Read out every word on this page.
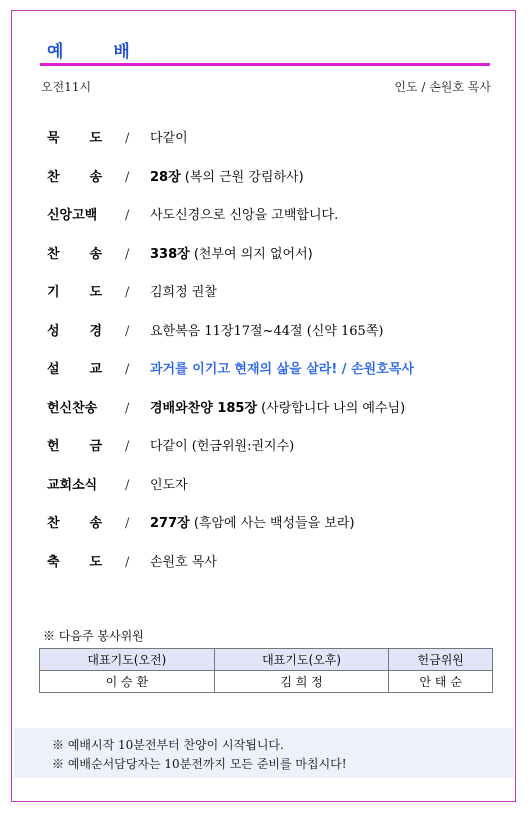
예 배
오전11시	인도 / 손원호 목사
묵 도 / 다같이
찬 송 / 28장 (복의 근원 강림하사)
신앙고백	/ 사도신경으로 신앙을 고백합니다.
찬 송 / 338장 (천부여 의지 없어서)
기 도 / 김희정 권찰
성 경 / 요한복음 11장17절~44절 (신약 165쪽)
설 교 / 과거를 이기고 현재의 삶을 살라! / 손원호목사
헌신찬송	/ 경배와찬양 185장 (사랑합니다 나의 예수님)
헌 금 / 다같이 (헌금위원:권지수)
교회소식	/ 인도자
찬 송 / 277장 (흑암에 사는 백성들을 보라)
축 도 / 손원호 목사
※ 다음주 봉사위원
대표기도(오전)	대표기도(오후)	헌금위원
이 승 환	김 희 정	안 태 순
※ 예배시작 10분전부터 찬양이 시작됩니다.
※ 예배순서담당자는 10분전까지 모든 준비를 마칩시다!
